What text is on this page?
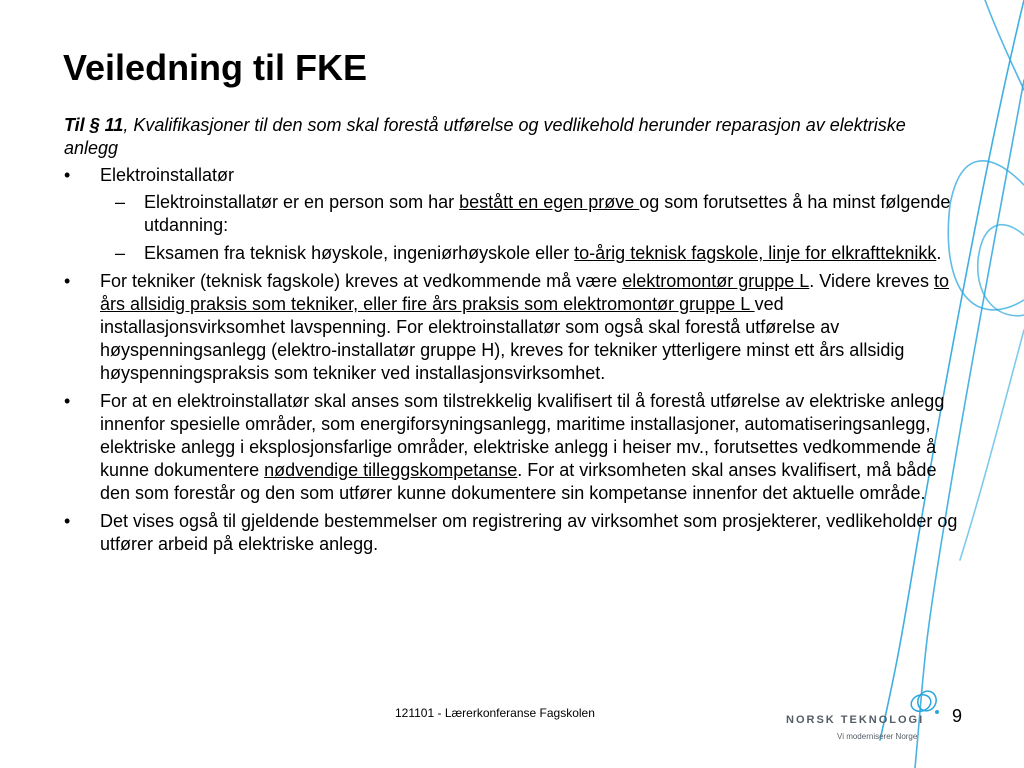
Veiledning til FKE

Til § 11, Kvalifikasjoner til den som skal forestå utførelse og vedlikehold herunder reparasjon av elektriske anlegg

• Elektroinstallatør
– Elektroinstallatør er en person som har bestått en egen prøve og som forutsettes å ha minst følgende utdanning:
– Eksamen fra teknisk høyskole, ingeniørhøyskole eller to-årig teknisk fagskole, linje for elkraftteknikk.
• For tekniker (teknisk fagskole) kreves at vedkommende må være elektromontør gruppe L. Videre kreves to års allsidig praksis som tekniker, eller fire års praksis som elektromontør gruppe L ved installasjonsvirksomhet lavspenning. For elektroinstallatør som også skal forestå utførelse av høyspenningsanlegg (elektro-installatør gruppe H), kreves for tekniker ytterligere minst ett års allsidig høyspenningspraksis som tekniker ved installasjonsvirksomhet.
• For at en elektroinstallatør skal anses som tilstrekkelig kvalifisert til å forestå utførelse av elektriske anlegg innenfor spesielle områder, som energiforsyningsanlegg, maritime installasjoner, automatiseringsanlegg, elektriske anlegg i eksplosjonsfarlige områder, elektriske anlegg i heiser mv., forutsettes vedkommende å kunne dokumentere nødvendige tilleggskompetanse. For at virksomheten skal anses kvalifisert, må både den som forestår og den som utfører kunne dokumentere sin kompetanse innenfor det aktuelle område.
• Det vises også til gjeldende bestemmelser om registrering av virksomhet som prosjekterer, vedlikeholder og utfører arbeid på elektriske anlegg.
121101 - Lærerkonferanse Fagskolen	9
NORSK TEKNOLOGI
Vi moderniserer Norge
